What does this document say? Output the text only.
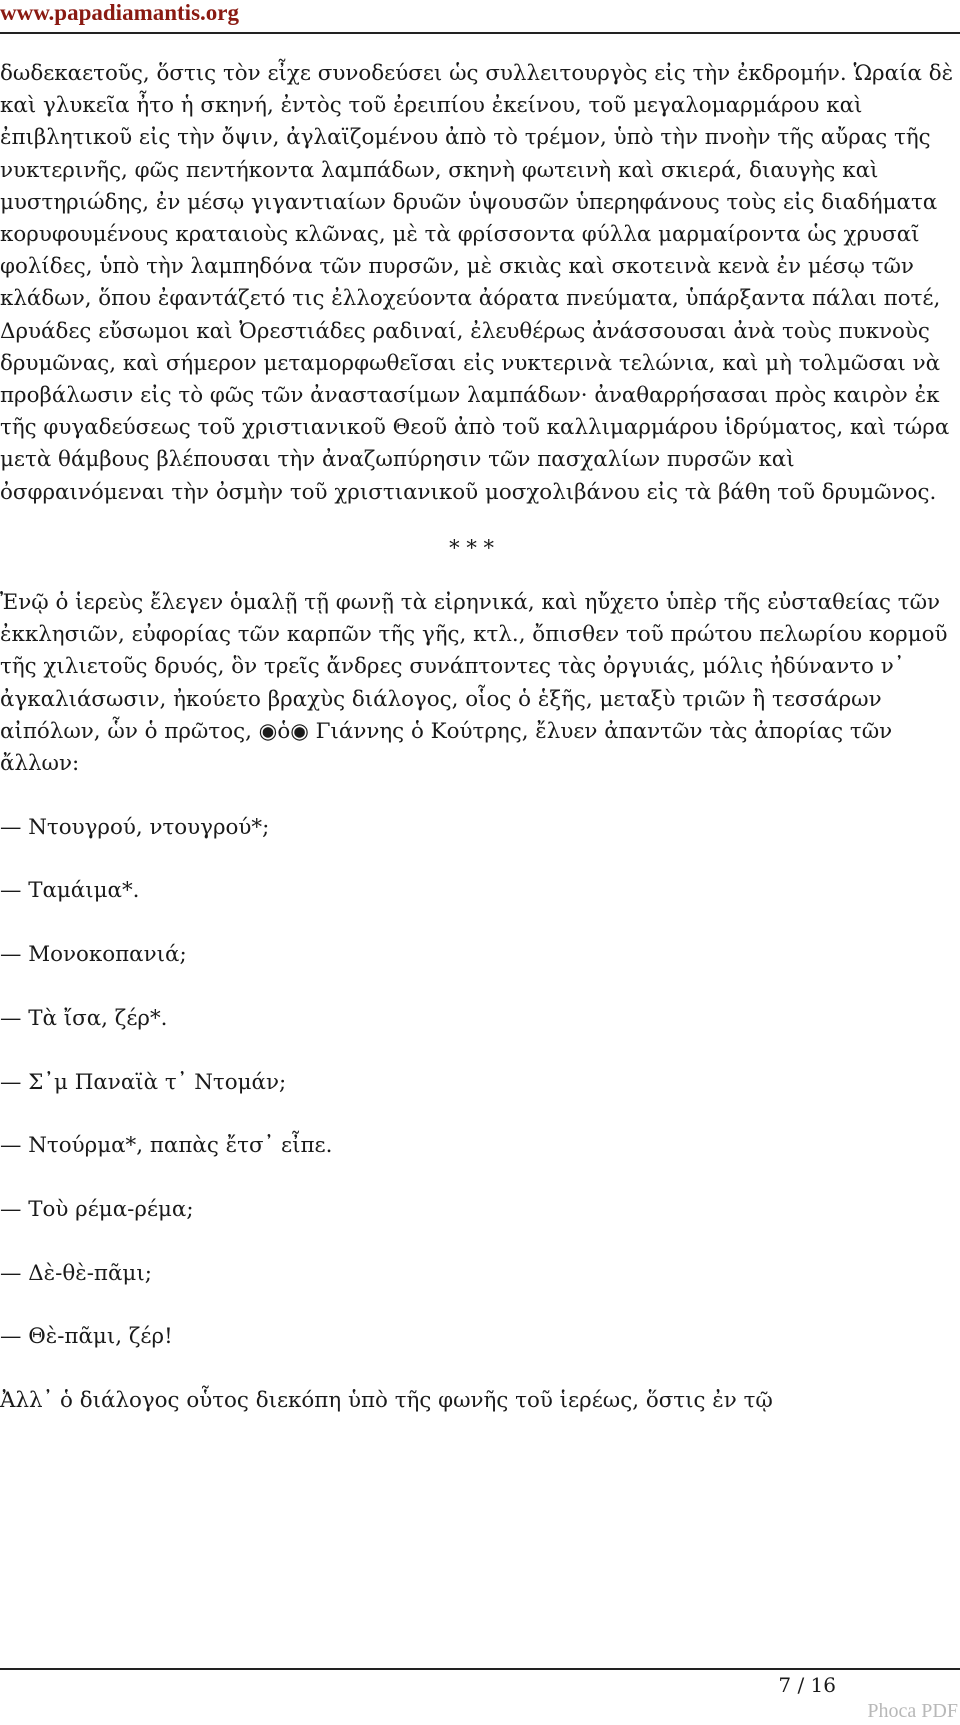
www.papadiamantis.org

δωδεκαετοῦς, ὅστις τὸν εἶχε συνοδεύσει ὡς συλλειτουργὸς εἰς τὴν ἐκδρομήν. Ὡραία δὲ καὶ γλυκεῖα ἦτο ἡ σκηνή, ἐντὸς τοῦ ἐρειπίου ἐκείνου, τοῦ μεγαλομαρμάρου καὶ ἐπιβλητικοῦ εἰς τὴν ὄψιν, ἀγλαϊζομένου ἀπὸ τὸ τρέμον, ὑπὸ τὴν πνοὴν τῆς αὔρας τῆς νυκτερινῆς, φῶς πεντήκοντα λαμπάδων, σκηνὴ φωτεινὴ καὶ σκιερά, διαυγὴς καὶ μυστηριώδης, ἐν μέσῳ γιγαντιαίων δρυῶν ὑψουσῶν ὑπερηφάνους τοὺς εἰς διαδήματα κορυφουμένους κραταιοὺς κλῶνας, μὲ τὰ φρίσσοντα φύλλα μαρμαίροντα ὡς χρυσαῖ φολίδες, ὑπὸ τὴν λαμπηδόνα τῶν πυρσῶν, μὲ σκιὰς καὶ σκοτεινὰ κενὰ ἐν μέσῳ τῶν κλάδων, ὅπου ἐφαντάζετό τις ἐλλοχεύοντα ἀόρατα πνεύματα, ὑπάρξαντα πάλαι ποτέ, Δρυάδες εὔσωμοι καὶ Ὀρεστιάδες ραδιναί, ἐλευθέρως ἀνάσσουσαι ἀνὰ τοὺς πυκνοὺς δρυμῶνας, καὶ σήμερον μεταμορφωθεῖσαι εἰς νυκτερινὰ τελώνια, καὶ μὴ τολμῶσαι νὰ προβάλωσιν εἰς τὸ φῶς τῶν ἀναστασίμων λαμπάδων· ἀναθαρρήσασαι πρὸς καιρὸν ἐκ τῆς φυγαδεύσεως τοῦ χριστιανικοῦ Θεοῦ ἀπὸ τοῦ καλλιμαρμάρου ἱδρύματος, καὶ τώρα μετὰ θάμβους βλέπουσαι τὴν ἀναζωπύρησιν τῶν πασχαλίων πυρσῶν καὶ ὀσφραινόμεναι τὴν ὀσμὴν τοῦ χριστιανικοῦ μοσχολιβάνου εἰς τὰ βάθη τοῦ δρυμῶνος.

* * *

Ἐνῷ ὁ ἱερεὺς ἔλεγεν ὁμαλῇ τῇ φωνῇ τὰ εἰρηνικά, καὶ ηὔχετο ὑπὲρ τῆς εὐσταθείας τῶν ἐκκλησιῶν, εὐφορίας τῶν καρπῶν τῆς γῆς, κτλ., ὄπισθεν τοῦ πρώτου πελωρίου κορμοῦ τῆς χιλιετοῦς δρυός, ὃν τρεῖς ἄνδρες συνάπτοντες τὰς ὀργυιάς, μόλις ἠδύναντο ν᾽ ἀγκαλιάσωσιν, ἠκούετο βραχὺς διάλογος, οἷος ὁ ἑξῆς, μεταξὺ τριῶν ἢ τεσσάρων αἰπόλων, ὧν ὁ πρῶτος, ◉ὁ◉ Γιάννης ὁ Κούτρης, ἔλυεν ἀπαντῶν τὰς ἀπορίας τῶν ἄλλων:

— Ντουγρού, ντουγρού*;

— Ταμάιμα*.

— Μονοκοπανιά;

— Τὰ ἴσα, ζέρ*.

— Σ᾽μ Παναϊὰ τ᾽ Ντομάν;

— Ντούρμα*, παπὰς ἔτσ᾽ εἶπε.

— Τοὺ ρέμα-ρέμα;

— Δὲ-θὲ-πᾶμι;

— Θὲ-πᾶμι, ζέρ!

Ἀλλ᾽ ὁ διάλογος οὗτος διεκόπη ὑπὸ τῆς φωνῆς τοῦ ἱερέως, ὅστις ἐν τῷ

7 / 16
Phoca PDF
